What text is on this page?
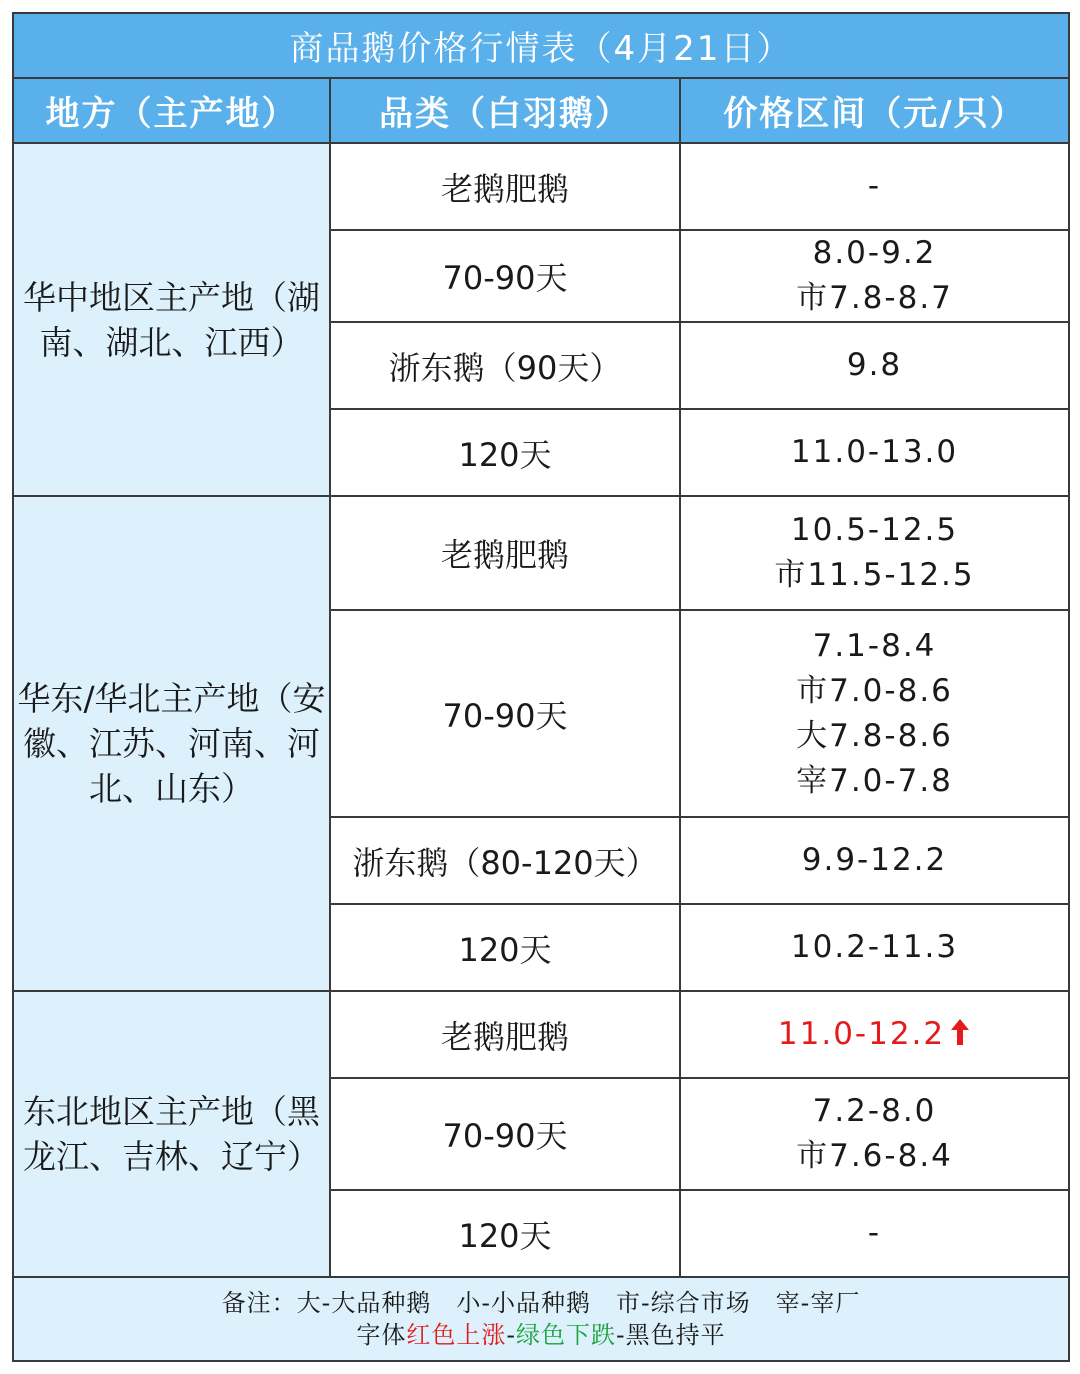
商品鹅价格行情表（4月21日）		
地方（主产地）	品类（白羽鹅）	价格区间（元/只）
华中地区主产地（湖南、湖北、江西）	老鹅肥鹅	-

	70-90天	8.0-9.2
市7.8-8.7

	浙东鹅（90天）	9.8

	120天	11.0-13.0

华东/华北主产地（安徽、江苏、河南、河北、山东）	老鹅肥鹅	10.5-12.5
市11.5-12.5

	70-90天	7.1-8.4
市7.0-8.6
大7.8-8.6
宰7.0-7.8

	浙东鹅（80-120天）	9.9-12.2

	120天	10.2-11.3

东北地区主产地（黑龙江、吉林、辽宁）	老鹅肥鹅	11.0-12.2
	70-90天	7.2-8.0
市7.6-8.4

	120天	-

备注：大-大品种鹅　小-小品种鹅　市-综合市场　宰-宰厂
字体红色上涨-绿色下跌-黑色持平		
